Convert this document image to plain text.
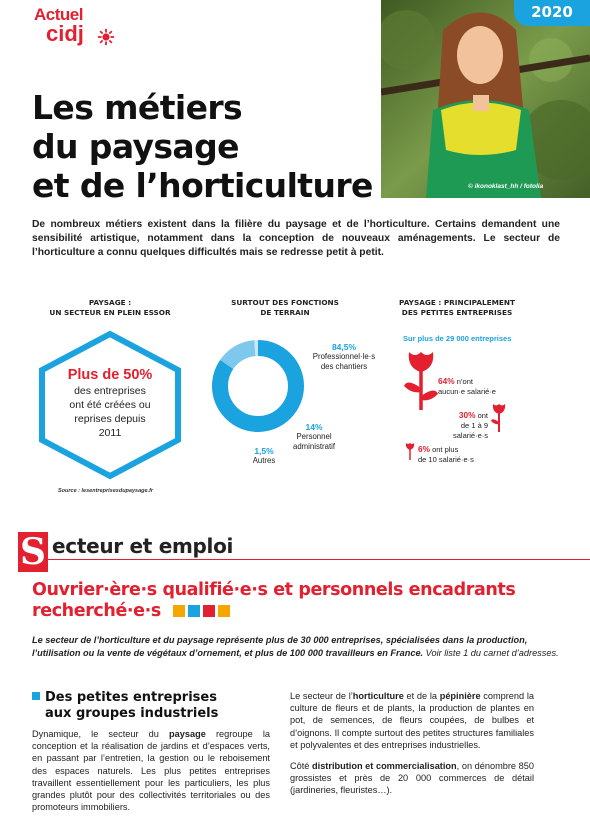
Actuel
cidj
Les métiers
du paysage
et de l’horticulture
2020
© ikonoklast_hh / fotolia

De nombreux métiers existent dans la filière du paysage et de l’horticulture. Certains demandent une sensibilité artistique, notamment dans la conception de nouveaux aménagements. Le secteur de l’horticulture a connu quelques difficultés mais se redresse petit à petit.

PAYSAGE :
UN SECTEUR EN PLEIN ESSOR
Plus de 50%
des entreprises
ont été créées ou
reprises depuis
2011
SURTOUT DES FONCTIONS
DE TERRAIN
84,5%
Professionnel·le·s
des chantiers
14%
Personnel
administratif
1,5%
Autres
PAYSAGE : PRINCIPALEMENT
DES PETITES ENTREPRISES
Sur plus de 29 000 entreprises
64% n’ont
aucun·e salarié·e
30% ont
de 1 à 9 salarié·e·s
6% ont plus
de 10 salarié·e·s
Source : lesentreprisesdupaysage.fr
S ecteur et emploi
Ouvrier·ère·s qualifié·e·s et personnels encadrants
recherché·e·s

Le secteur de l’horticulture et du paysage représente plus de 30 000 entreprises, spécialisées dans la production, l’utilisation ou la vente de végétaux d’ornement, et plus de 100 000 travailleurs en France. Voir liste 1 du carnet d’adresses.

Des petites entreprises
aux groupes industriels

Dynamique, le secteur du paysage regroupe la conception et la réalisation de jardins et d’espaces verts, en passant par l’entretien, la gestion ou le reboisement des espaces naturels. Les plus petites entreprises travaillent essentiellement pour les particuliers, les plus grandes plutôt pour des collectivités territoriales ou des promoteurs immobiliers.

Le secteur de l’horticulture et de la pépinière comprend la culture de fleurs et de plants, la production de plantes en pot, de semences, de fleurs coupées, de bulbes et d’oignons. Il compte surtout des petites structures familiales et polyvalentes et des entreprises industrielles.

Côté distribution et commercialisation, on dénombre 850 grossistes et près de 20 000 commerces de détail (jardineries, fleuristes…).
